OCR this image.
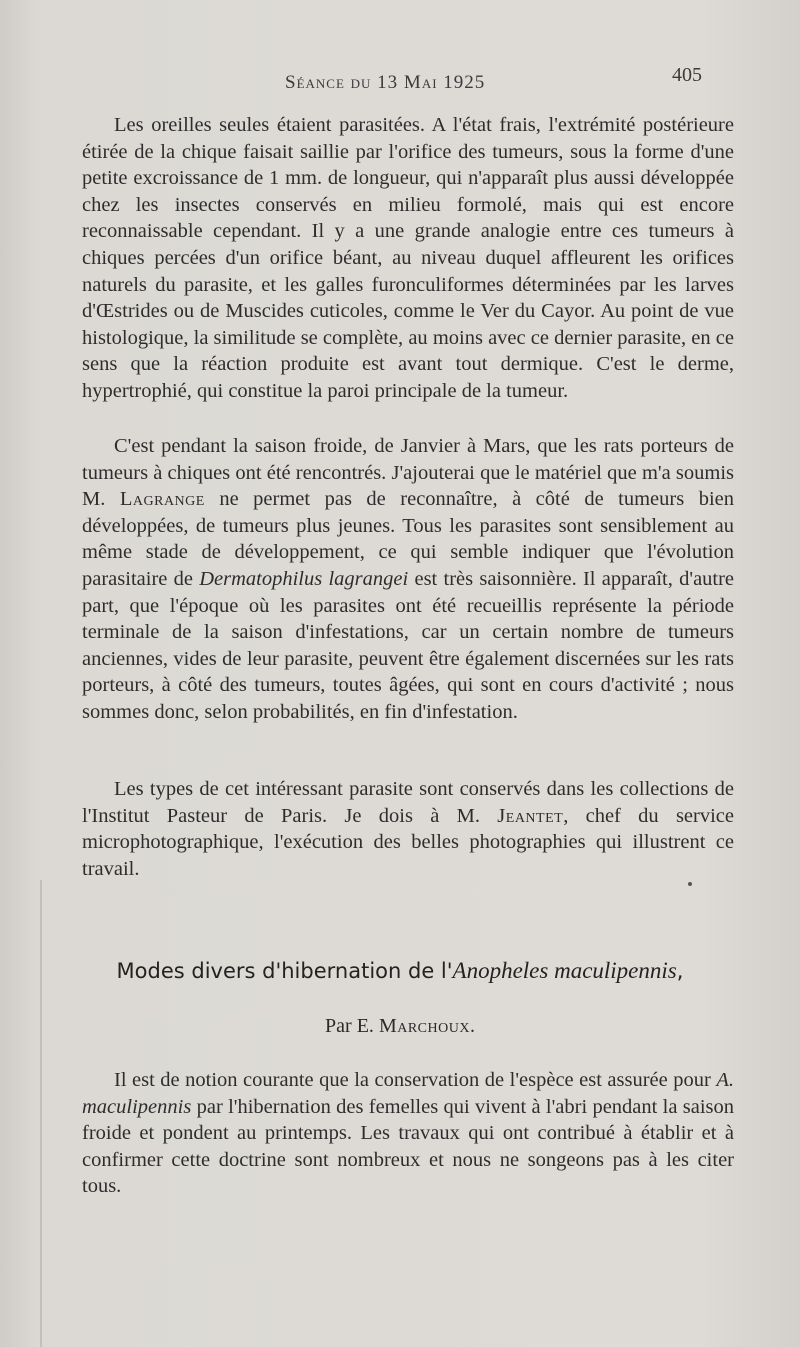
Séance du 13 Mai 1925	405

Les oreilles seules étaient parasitées. A l'état frais, l'extrémité postérieure étirée de la chique faisait saillie par l'orifice des tumeurs, sous la forme d'une petite excroissance de 1 mm. de longueur, qui n'apparaît plus aussi développée chez les insectes conservés en milieu formolé, mais qui est encore reconnaissable cependant. Il y a une grande analogie entre ces tumeurs à chiques percées d'un orifice béant, au niveau duquel affleurent les orifices naturels du parasite, et les galles furonculiformes déterminées par les larves d'Œstrides ou de Muscides cuticoles, comme le Ver du Cayor. Au point de vue histologique, la similitude se complète, au moins avec ce dernier parasite, en ce sens que la réaction produite est avant tout dermique. C'est le derme, hypertrophié, qui constitue la paroi principale de la tumeur.

C'est pendant la saison froide, de Janvier à Mars, que les rats porteurs de tumeurs à chiques ont été rencontrés. J'ajouterai que le matériel que m'a soumis M. Lagrange ne permet pas de reconnaître, à côté de tumeurs bien développées, de tumeurs plus jeunes. Tous les parasites sont sensiblement au même stade de développement, ce qui semble indiquer que l'évolution parasitaire de Dermatophilus lagrangei est très saisonnière. Il apparaît, d'autre part, que l'époque où les parasites ont été recueillis représente la période terminale de la saison d'infestations, car un certain nombre de tumeurs anciennes, vides de leur parasite, peuvent être également discernées sur les rats porteurs, à côté des tumeurs, toutes âgées, qui sont en cours d'activité ; nous sommes donc, selon probabilités, en fin d'infestation.

Les types de cet intéressant parasite sont conservés dans les collections de l'Institut Pasteur de Paris. Je dois à M. Jeantet, chef du service microphotographique, l'exécution des belles photographies qui illustrent ce travail.

Modes divers d'hibernation de l'Anopheles maculipennis,
Par E. Marchoux.

Il est de notion courante que la conservation de l'espèce est assurée pour A. maculipennis par l'hibernation des femelles qui vivent à l'abri pendant la saison froide et pondent au printemps. Les travaux qui ont contribué à établir et à confirmer cette doctrine sont nombreux et nous ne songeons pas à les citer tous.
